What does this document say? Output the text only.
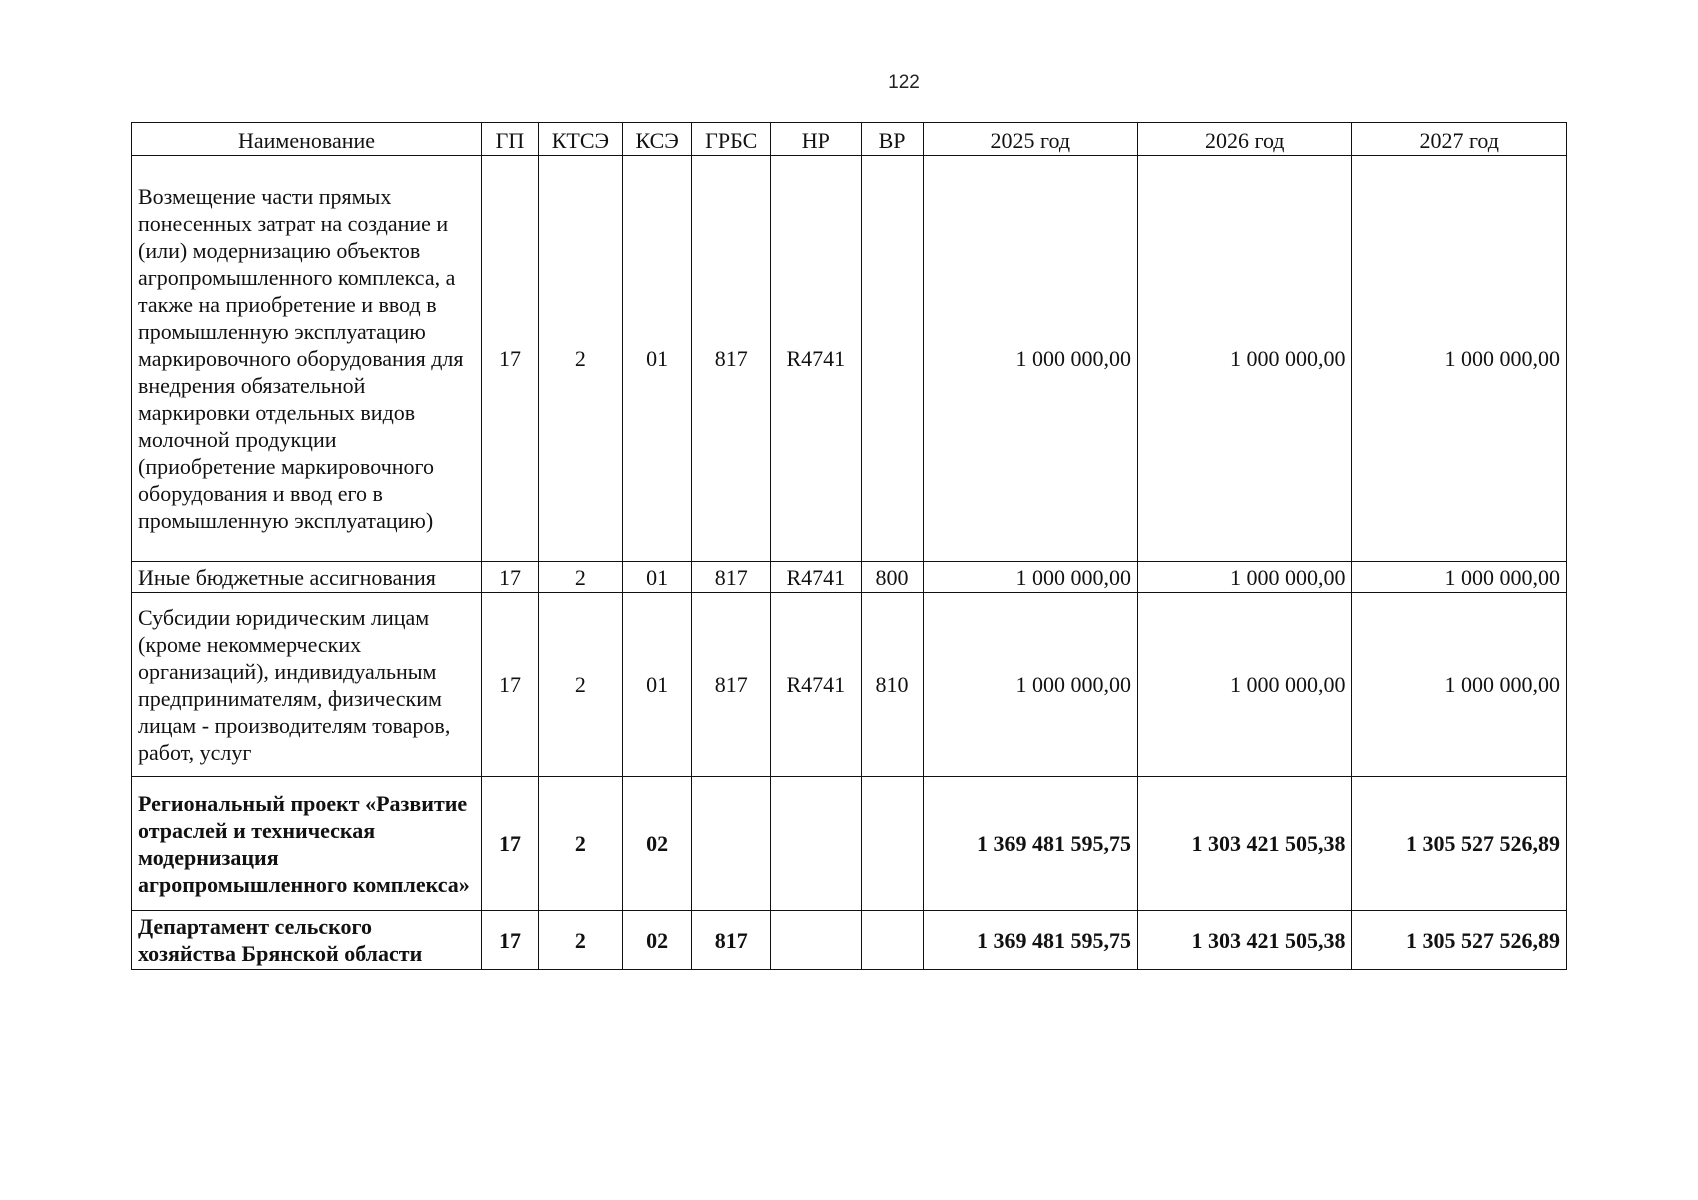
122
Наименование	ГП	КТСЭ	КСЭ	ГРБС	НР	ВР	2025 год	2026 год	2027 год
Возмещение части прямых понесенных затрат на создание и (или) модернизацию объектов агропромышленного комплекса, а также на приобретение и ввод в промышленную эксплуатацию маркировочного оборудования для внедрения обязательной маркировки отдельных видов молочной продукции (приобретение маркировочного оборудования и ввод его в промышленную эксплуатацию)	17	2	01	817	R4741		1 000 000,00	1 000 000,00	1 000 000,00
Иные бюджетные ассигнования	17	2	01	817	R4741	800	1 000 000,00	1 000 000,00	1 000 000,00
Субсидии юридическим лицам (кроме некоммерческих организаций), индивидуальным предпринимателям, физическим лицам - производителям товаров, работ, услуг	17	2	01	817	R4741	810	1 000 000,00	1 000 000,00	1 000 000,00
Региональный проект «Развитие отраслей и техническая модернизация агропромышленного комплекса»	17	2	02				1 369 481 595,75	1 303 421 505,38	1 305 527 526,89
Департамент сельского хозяйства Брянской области	17	2	02	817			1 369 481 595,75	1 303 421 505,38	1 305 527 526,89
